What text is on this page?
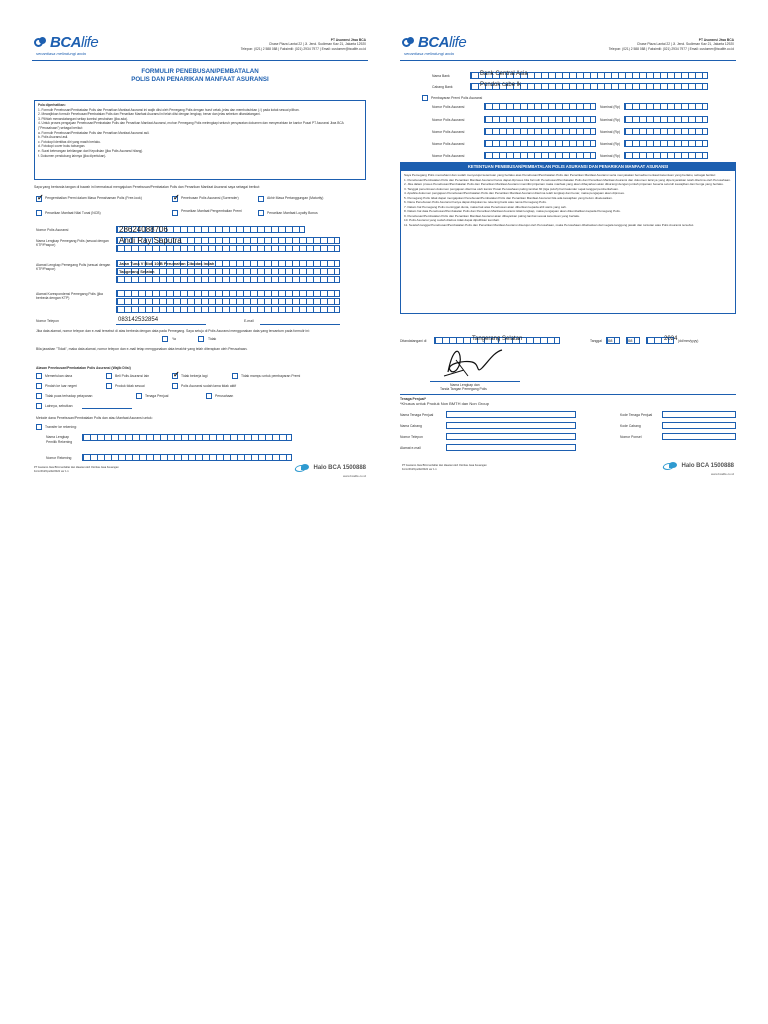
BCAlife
senantiasa melindungi anda
PT Asuransi Jiwa BCA
Chase Plaza Lantai 22 | Jl. Jend. Sudirman Kav 21, Jakarta 12920
Telepon: (021) 2 588 088 | Faksimili: (021) 2934 7977 | Email: customer@bcalife.co.id
FORMULIR PENEBUSAN/PEMBATALAN
POLIS DAN PENARIKAN MANFAAT ASURANSI
Pola diperhatikan:
1. Formulir Penebusan/Pembatalan Polis dan Penarikan Manfaat Asuransi ini wajib diisi oleh Pemegang Polis dengan huruf cetak, jelas dan membubuhkan (√) pada kotak sesuai pilihan.
2. Mewajibkan formulir Penebusan/Pembatalan Polis dan Penarikan Manfaat Asuransi ini telah diisi dengan lengkap, benar dan jelas sebelum ditandatangani.
3. Pilihlah menandatangani setiap koreksi perubahan (jika ada).
4. Untuk proses pengajuan Penebusan/Pembatalan Polis dan Penarikan Manfaat Asuransi, mohon Pemegang Polis melengkapi seluruh persyaratan dokumen dan menyerahkan ke kantor Pusat PT Asuransi Jiwa BCA ("Perusahaan") sebagai berikut:
a. Formulir Penebusan/Pembatalan Polis dan Penarikan Manfaat Asuransi asli.
b. Polis Asuransi asli.
c. Fotokopi identitas diri yang masih berlaku.
d. Fotokopi cover buku tabungan.
e. Surat keterangan kehilangan dari Kepolisian (jika Polis Asuransi hilang).
f. Dokumen pendukung lainnya (jika diperlukan).
Saya yang bertanda tangan di bawah ini bermaksud mengajukan Penebusan/Pembatalan Polis dan Penarikan Manfaat Asuransi saya sebagai berikut:
✓
Pengembalian Premi dalam Masa Pemahaman Polis (Free-look) ✓	Penebusan Polis Asuransi (Surrender)	Akhir Masa Pertanggungan (Maturity)
Penarikan Manfaat Nilai Tunai (NCB)	Penarikan Manfaat Pengembalian Premi	Penarikan Manfaat Loyalty Bonus
Nomor Polis Asuransi	28624088706
Nama Lengkap Pemegang Polis (sesuai dengan KTP/Paspor)	Andi Ray Saputra
Alamat Lengkap Pemegang Polis (sesuai dengan KTP/Paspor)
Jalan Tuna V Blok 10/B Perumahan Cibodas Indah
Tangerang Selatan
Alamat Korespondensi Pemegang Polis (jika berbeda dengan KTP)
Nomor Telepon	083142532854	E-mail
Jika data alamat, nomor telepon dan e-mail tersebut di atas berbeda dengan data pada Pemegang. Saya setuju di Polis Asuransi menggunakan data yang tercantum pada formulir ini:
Ya	Tidak
Bila jawaban "Tidak", maka data alamat, nomor telepon dan e-mail tetap menggunakan data terakhir yang telah diterapkan oleh Perusahaan.
Alasan Penebusan/Pembatalan Polis Asuransi (Wajib Diisi)
Memerlukan dana	Beli Polis Asuransi lain ✓	Tidak bekerja lagi	Tidak mampu untuk pembayaran Premi
Pindah ke luar negeri	Produk tidak sesuai	Polis Asuransi sudah lama tidak aktif
Tidak puas terhadap pelayanan	Tenaga Penjual	Perusahaan
Lainnya, sebutkan
Metode dana Penebusan/Pembatalan Polis dan atau Manfaat Asuransi untuk:
Transfer ke rekening:
Nama Lengkap
Pemilik Rekening
Nomor Rekening
PT Asuransi Jiwa BCA terdaftar dan diawasi oleh Otoritas Jasa Keuangan
Form/Pol/Ops/02/2022 ver 1.1
Halo BCA 1500888
www.bcalife.co.id
BCAlife
senantiasa melindungi anda
PT Asuransi Jiwa BCA
Chase Plaza Lantai 22 | Jl. Jend. Sudirman Kav 21, Jakarta 12920
Telepon: (021) 2 588 088 | Faksimili: (021) 2934 7977 | Email: customer@bcalife.co.id
Nama Bank	Bank Central Asia
Cabang Bank	Pondok cabe lk
Pembayaran Premi Polis Asuransi
Nomor Polis Asuransi	Nominal (Rp)
Nomor Polis Asuransi	Nominal (Rp)
Nomor Polis Asuransi	Nominal (Rp)
Nomor Polis Asuransi	Nominal (Rp)
Nomor Polis Asuransi	Nominal (Rp)
KETENTUAN PENEBUSAN/PEMBATALAN POLIS ASURANSI DAN PENARIKAN MANFAAT ASURANSI
Saya Pemegang Polis memahami dan sudah menyetujui ketentuan yang berlaku atas Penebusan/Pembatalan Polis dan Penarikan Manfaat Asuransi serta menyatakan bersedia mentaati ketentuan yang berlaku, sebagai berikut:
1. Penebusan/Pembatalan Polis dan Penarikan Manfaat Asuransi harus dapat diproses bila formulir Penebusan/Pembatalan Polis dan Penarikan Manfaat Asuransi dan dokumen lainnya yang dipersyaratkan telah diterima oleh Perusahaan.
2. Jika dalam proses Penebusan/Pembatalan Polis dan Penarikan Manfaat Asuransi memiliki pinjaman maka manfaat yang akan dibayarkan akan dikurangi dengan jumlah pinjaman beserta seluruh kewajiban dan bunga yang berlaku.
3. Tanggal penerimaan dokumen pengajuan diterima oleh kantor Pusat Perusahaan paling lambat 30 (tiga puluh) hari kalender sejak tanggal pemberitahuan.
4. Apabila dokumen pengajuan Penebusan/Pembatalan Polis dan Penarikan Manfaat Asuransi diterima telah lengkap dan benar, maka pengajuan akan diproses.
5. Pemegang Polis tidak dapat mengajukan Penebusan/Pembatalan Polis dan Penarikan Manfaat Asuransi bila ada kewajiban yang belum diselesaikan.
6. Dana Penebusan Polis Asuransi hanya dapat ditujukan ke rekening bank atas nama Pemegang Polis.
7. Dalam hal Pemegang Polis meninggal dunia, maka hak atas Penebusan akan diberikan kepada ahli waris yang sah.
8. Dalam hal data Penebusan/Pembatalan Polis dan Penarikan Manfaat Asuransi tidak lengkap, maka pengajuan akan dikembalikan kepada Pemegang Polis.
9. Penebusan/Pembatalan Polis dan Penarikan Manfaat Asuransi akan dibayarkan paling lambat sesuai ketentuan yang berlaku.
10. Polis Asuransi yang sudah ditebus tidak dapat dipulihkan kembali.
11. Setelah tanggal Penebusan/Pembatalan Polis dan Penarikan Manfaat Asuransi disetujui oleh Perusahaan, maka Perusahaan dibebaskan dari segala tanggung jawab dan tuntutan atas Polis Asuransi tersebut.
Ditandatangani di	Tangerang Selatan	Tanggal 08	08	2024 (dd/mm/yyyy)
Nama Lengkap dan
Tanda Tangan Pemegang Polis
Tenaga Penjual*
*Khusus untuk Produk Non BMTH dan Non Group
Nama Tenaga Penjual	Kode Tenaga Penjual
Nama Cabang	Kode Cabang
Nomor Telepon	Nomor Ponsel
Alamat e-mail
PT Asuransi Jiwa BCA terdaftar dan diawasi oleh Otoritas Jasa Keuangan
Form/Pol/Ops/02/2022 ver 1.1
Halo BCA 1500888
www.bcalife.co.id
